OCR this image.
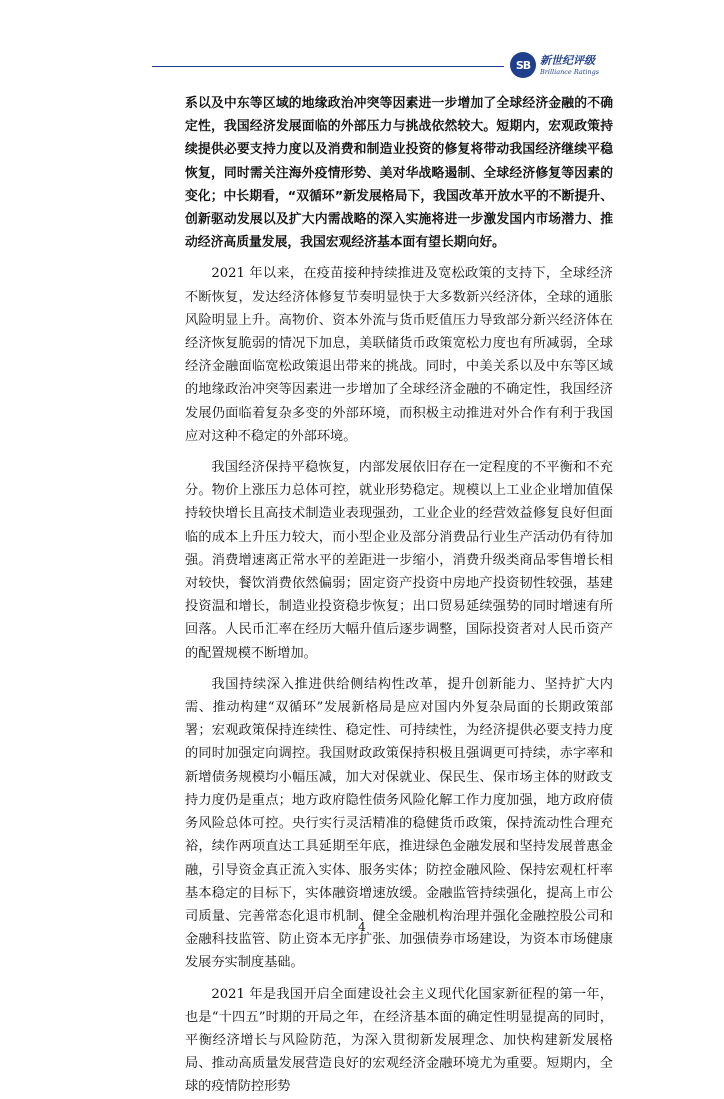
SB 新世纪评级
Brilliance Ratings

系以及中东等区域的地缘政治冲突等因素进一步增加了全球经济金融的不确定性，我国经济发展面临的外部压力与挑战依然较大。短期内，宏观政策持续提供必要支持力度以及消费和制造业投资的修复将带动我国经济继续平稳恢复，同时需关注海外疫情形势、美对华战略遏制、全球经济修复等因素的变化；中长期看，“双循环”新发展格局下，我国改革开放水平的不断提升、创新驱动发展以及扩大内需战略的深入实施将进一步激发国内市场潜力、推动经济高质量发展，我国宏观经济基本面有望长期向好。

2021 年以来，在疫苗接种持续推进及宽松政策的支持下，全球经济不断恢复，发达经济体修复节奏明显快于大多数新兴经济体，全球的通胀风险明显上升。高物价、资本外流与货币贬值压力导致部分新兴经济体在经济恢复脆弱的情况下加息，美联储货币政策宽松力度也有所减弱，全球经济金融面临宽松政策退出带来的挑战。同时，中美关系以及中东等区域的地缘政治冲突等因素进一步增加了全球经济金融的不确定性，我国经济发展仍面临着复杂多变的外部环境，而积极主动推进对外合作有利于我国应对这种不稳定的外部环境。

我国经济保持平稳恢复，内部发展依旧存在一定程度的不平衡和不充分。物价上涨压力总体可控，就业形势稳定。规模以上工业企业增加值保持较快增长且高技术制造业表现强劲，工业企业的经营效益修复良好但面临的成本上升压力较大，而小型企业及部分消费品行业生产活动仍有待加强。消费增速离正常水平的差距进一步缩小，消费升级类商品零售增长相对较快，餐饮消费依然偏弱；固定资产投资中房地产投资韧性较强，基建投资温和增长，制造业投资稳步恢复；出口贸易延续强势的同时增速有所回落。人民币汇率在经历大幅升值后逐步调整，国际投资者对人民币资产的配置规模不断增加。

我国持续深入推进供给侧结构性改革，提升创新能力、坚持扩大内需、推动构建“双循环”发展新格局是应对国内外复杂局面的长期政策部署；宏观政策保持连续性、稳定性、可持续性，为经济提供必要支持力度的同时加强定向调控。我国财政政策保持积极且强调更可持续，赤字率和新增债务规模均小幅压减，加大对保就业、保民生、保市场主体的财政支持力度仍是重点；地方政府隐性债务风险化解工作力度加强，地方政府债务风险总体可控。央行实行灵活精准的稳健货币政策，保持流动性合理充裕，续作两项直达工具延期至年底，推进绿色金融发展和坚持发展普惠金融，引导资金真正流入实体、服务实体；防控金融风险、保持宏观杠杆率基本稳定的目标下，实体融资增速放缓。金融监管持续强化，提高上市公司质量、完善常态化退市机制、健全金融机构治理并强化金融控股公司和金融科技监管、防止资本无序扩张、加强债券市场建设，为资本市场健康发展夯实制度基础。

2021 年是我国开启全面建设社会主义现代化国家新征程的第一年，也是“十四五”时期的开局之年，在经济基本面的确定性明显提高的同时，平衡经济增长与风险防范，为深入贯彻新发展理念、加快构建新发展格局、推动高质量发展营造良好的宏观经济金融环境尤为重要。短期内，全球的疫情防控形势

4
